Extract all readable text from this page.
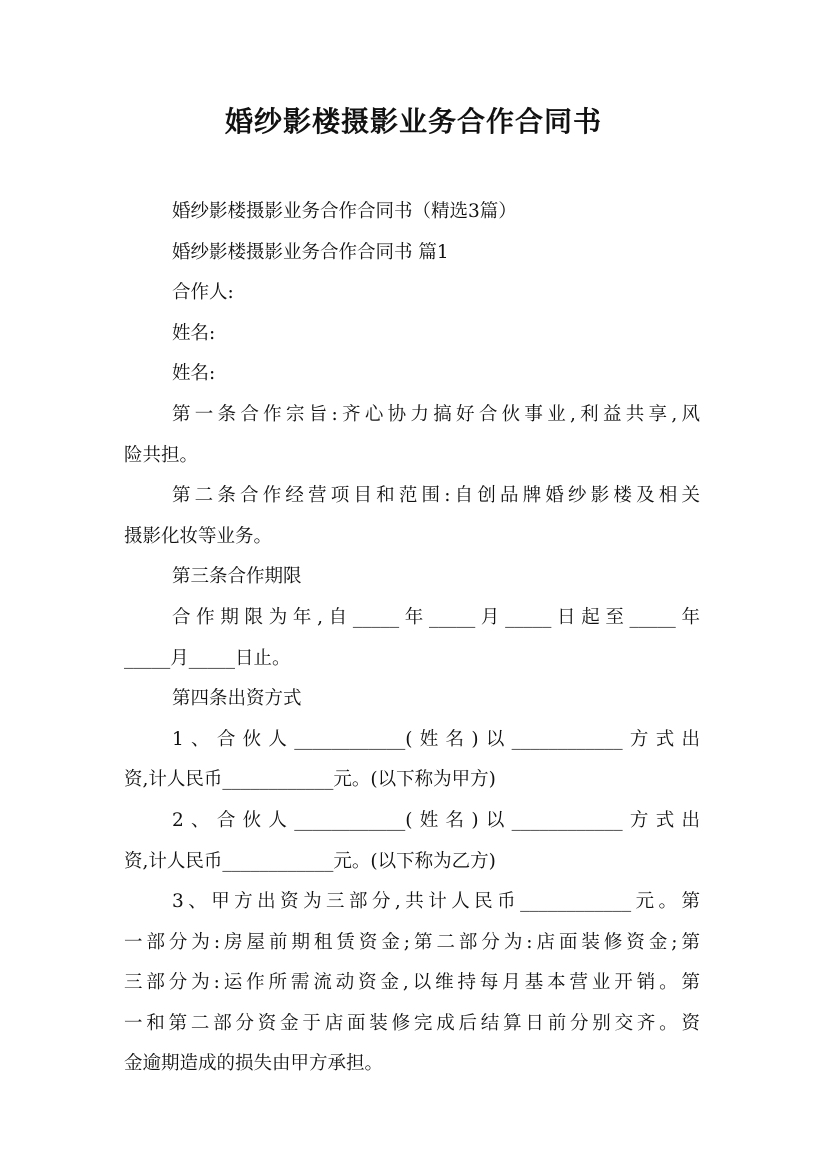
婚纱影楼摄影业务合作合同书
婚纱影楼摄影业务合作合同书（精选3篇）
婚纱影楼摄影业务合作合同书 篇1
合作人:
姓名:
姓名:
第一条合作宗旨:齐心协力搞好合伙事业,利益共享,风
险共担。
第二条合作经营项目和范围:自创品牌婚纱影楼及相关
摄影化妆等业务。
第三条合作期限
合作期限为年,自_____年_____月_____日起至_____年
_____月_____日止。
第四条出资方式
1、合伙人____________(姓名)以____________方式出
资,计人民币____________元。(以下称为甲方)
2、合伙人____________(姓名)以____________方式出
资,计人民币____________元。(以下称为乙方)
3、甲方出资为三部分,共计人民币____________元。第
一部分为:房屋前期租赁资金;第二部分为:店面装修资金;第
三部分为:运作所需流动资金,以维持每月基本营业开销。第
一和第二部分资金于店面装修完成后结算日前分别交齐。资
金逾期造成的损失由甲方承担。
